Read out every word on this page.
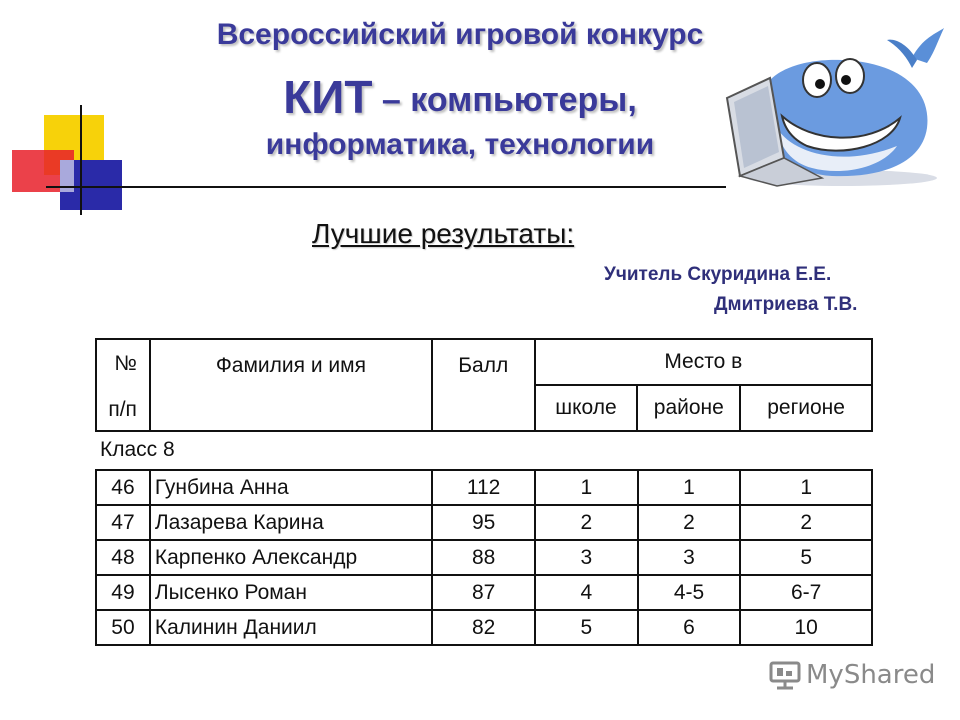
Всероссийский игровой конкурс
КИТ – компьютеры,
информатика, технологии
Лучшие результаты:
Учитель Скуридина Е.Е.
Дмитриева Т.В.
№
п/п	Фамилия и имя	Балл	Место в		
			школе	районе	регионе
Класс 8
46	Гунбина Анна	112	1	1	1
47	Лазарева Карина	95	2	2	2
48	Карпенко Александр	88	3	3	5
49	Лысенко Роман	87	4	4-5	6-7
50	Калинин Даниил	82	5	6	10
MyShared
